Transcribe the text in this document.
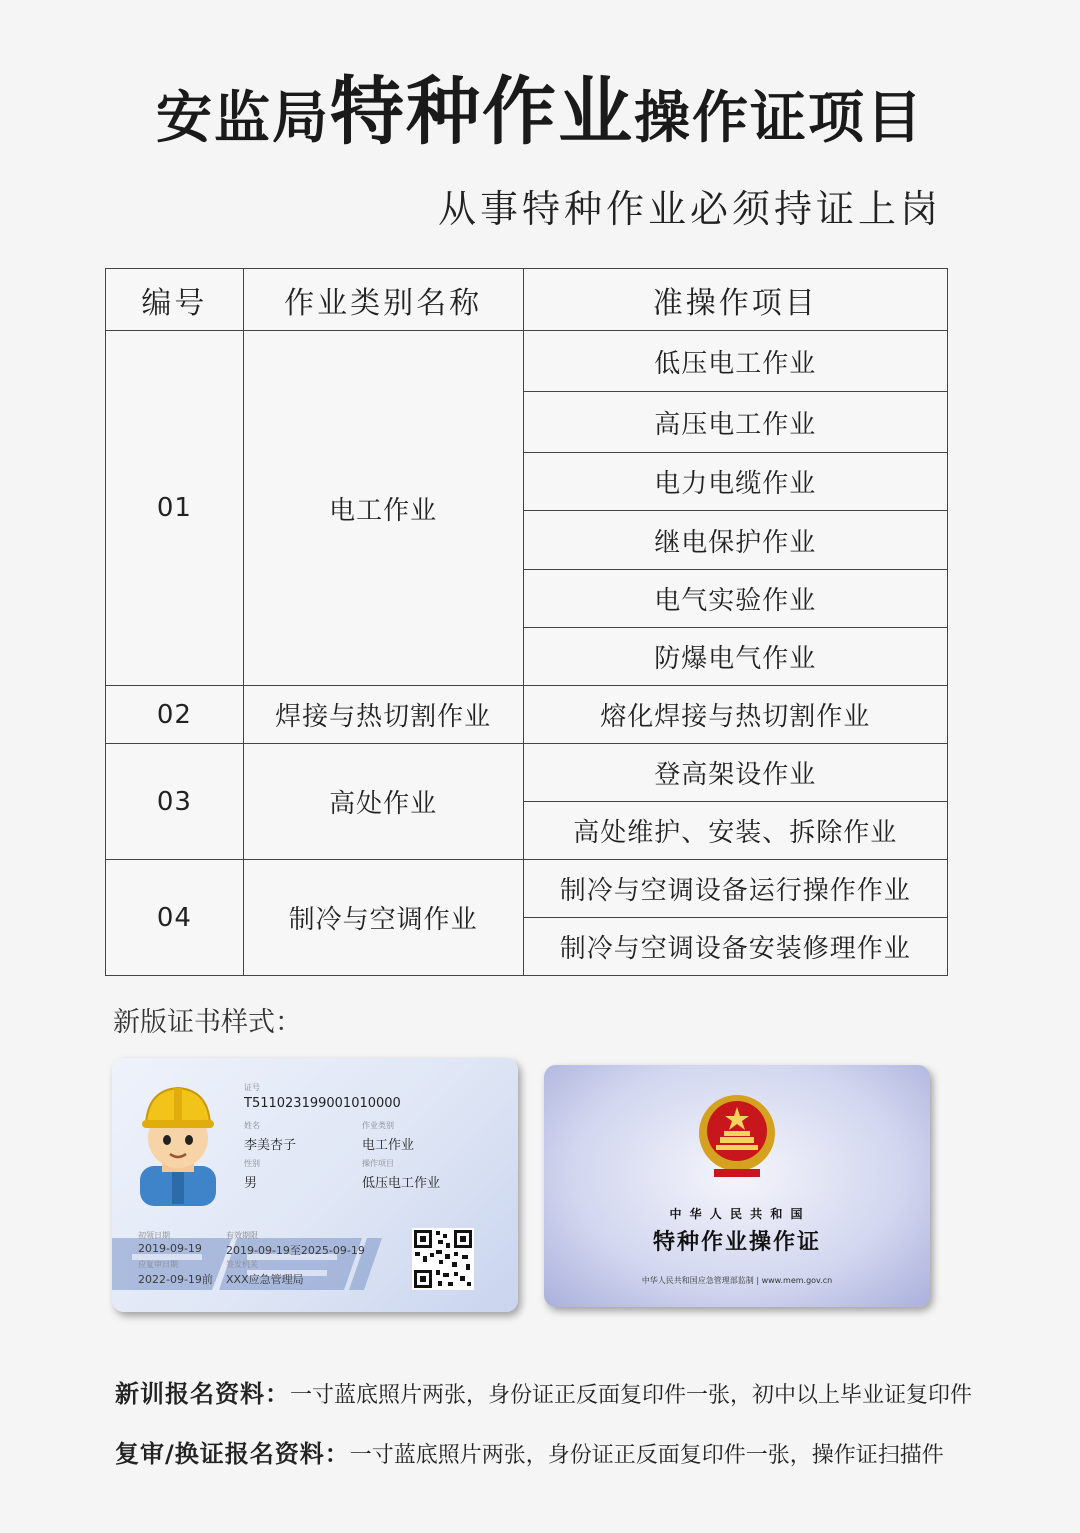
安监局特种作业操作证项目
从事特种作业必须持证上岗
编号	作业类别名称	准操作项目
01	电工作业	低压电工作业
		高压电工作业
		电力电缆作业
		继电保护作业
		电气实验作业
		防爆电气作业
02	焊接与热切割作业	熔化焊接与热切割作业
03	高处作业	登高架设作业
		高处维护、安装、拆除作业
04	制冷与空调作业	制冷与空调设备运行操作作业
		制冷与空调设备安装修理作业
新版证书样式：
证号
T511023199001010000
姓名
李美杏子
作业类别
电工作业
性别
男
操作项目
低压电工作业
初领日期
2019-09-19
有效期限
2019-09-19至2025-09-19
应复审日期
2022-09-19前
签发机关
XXX应急管理局
中 华 人 民 共 和 国
特种作业操作证
中华人民共和国应急管理部监制 | www.mem.gov.cn
新训报名资料：一寸蓝底照片两张，身份证正反面复印件一张，初中以上毕业证复印件
复审/换证报名资料：一寸蓝底照片两张，身份证正反面复印件一张，操作证扫描件
